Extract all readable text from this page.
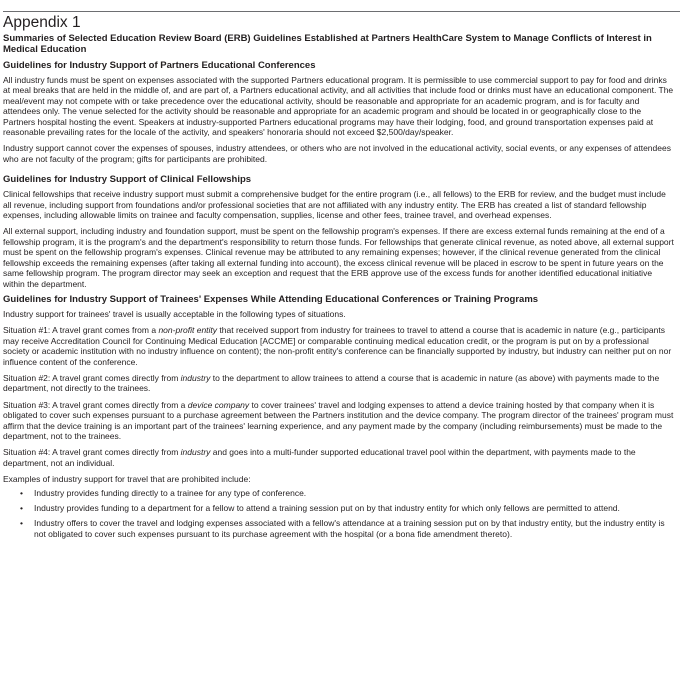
Appendix 1
Summaries of Selected Education Review Board (ERB) Guidelines Established at Partners HealthCare System to Manage Conflicts of Interest in Medical Education
Guidelines for Industry Support of Partners Educational Conferences

All industry funds must be spent on expenses associated with the supported Partners educational program. It is permissible to use commercial support to pay for food and drinks at meal breaks that are held in the middle of, and are part of, a Partners educational activity, and all activities that include food or drinks must have an educational component. The meal/event may not compete with or take precedence over the educational activity, should be reasonable and appropriate for an academic program, and is for faculty and attendees only. The venue selected for the activity should be reasonable and appropriate for an academic program and should be located in or geographically close to the Partners hospital hosting the event. Speakers at industry-supported Partners educational programs may have their lodging, food, and ground transportation expenses paid at reasonable prevailing rates for the locale of the activity, and speakers' honoraria should not exceed $2,500/day/speaker.

Industry support cannot cover the expenses of spouses, industry attendees, or others who are not involved in the educational activity, social events, or any expenses of attendees who are not faculty of the program; gifts for participants are prohibited.

Guidelines for Industry Support of Clinical Fellowships

Clinical fellowships that receive industry support must submit a comprehensive budget for the entire program (i.e., all fellows) to the ERB for review, and the budget must include all revenue, including support from foundations and/or professional societies that are not affiliated with any industry entity. The ERB has created a list of standard fellowship expenses, including allowable limits on trainee and faculty compensation, supplies, license and other fees, trainee travel, and overhead expenses.

All external support, including industry and foundation support, must be spent on the fellowship program's expenses. If there are excess external funds remaining at the end of a fellowship program, it is the program's and the department's responsibility to return those funds. For fellowships that generate clinical revenue, as noted above, all external support must be spent on the fellowship program's expenses. Clinical revenue may be attributed to any remaining expenses; however, if the clinical revenue generated from the clinical fellowship exceeds the remaining expenses (after taking all external funding into account), the excess clinical revenue will be placed in escrow to be spent in future years on the same fellowship program. The program director may seek an exception and request that the ERB approve use of the excess funds for another identified educational initiative within the department.

Guidelines for Industry Support of Trainees' Expenses While Attending Educational Conferences or Training Programs

Industry support for trainees' travel is usually acceptable in the following types of situations.

Situation #1: A travel grant comes from a non-profit entity that received support from industry for trainees to travel to attend a course that is academic in nature (e.g., participants may receive Accreditation Council for Continuing Medical Education [ACCME] or comparable continuing medical education credit, or the program is put on by a professional society or academic institution with no industry influence on content); the non-profit entity's conference can be financially supported by industry, but industry can neither put on nor influence content of the conference.

Situation #2: A travel grant comes directly from industry to the department to allow trainees to attend a course that is academic in nature (as above) with payments made to the department, not directly to the trainees.

Situation #3: A travel grant comes directly from a device company to cover trainees' travel and lodging expenses to attend a device training hosted by that company when it is obligated to cover such expenses pursuant to a purchase agreement between the Partners institution and the device company. The program director of the trainees' program must affirm that the device training is an important part of the trainees' learning experience, and any payment made by the company (including reimbursements) must be made to the department, not to the trainees.

Situation #4: A travel grant comes directly from industry and goes into a multi-funder supported educational travel pool within the department, with payments made to the department, not an individual.

Examples of industry support for travel that are prohibited include:

• Industry provides funding directly to a trainee for any type of conference.
• Industry provides funding to a department for a fellow to attend a training session put on by that industry entity for which only fellows are permitted to attend.
• Industry offers to cover the travel and lodging expenses associated with a fellow's attendance at a training session put on by that industry entity, but the industry entity is not obligated to cover such expenses pursuant to its purchase agreement with the hospital (or a bona fide amendment thereto).
